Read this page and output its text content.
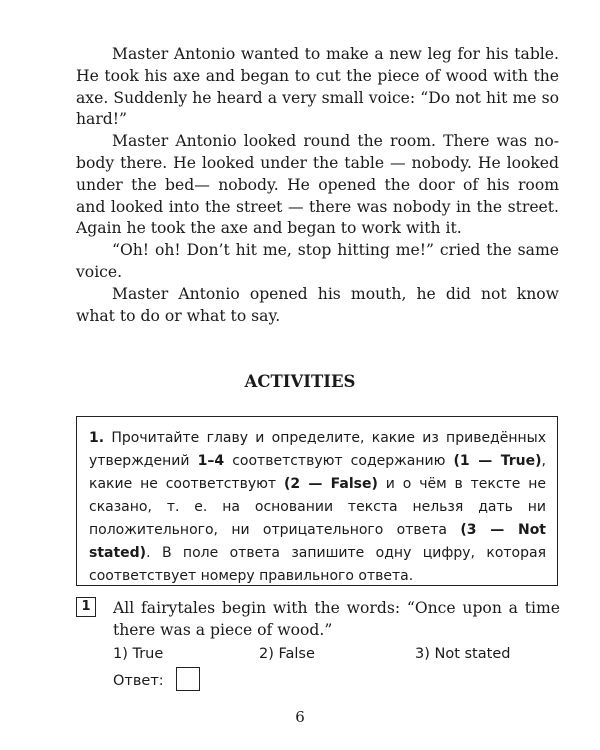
Master Antonio wanted to make a new leg for his table. He took his axe and began to cut the piece of wood with the axe. Suddenly he heard a very small voice: “Do not hit me so hard!”

Master Antonio looked round the room. There was nobody there. He looked under the table — nobody. He looked under the bed— nobody. He opened the door of his room and looked into the street — there was nobody in the street. Again he took the axe and began to work with it.

“Oh! oh! Don’t hit me, stop hitting me!” cried the same voice.

Master Antonio opened his mouth, he did not know what to do or what to say.

ACTIVITIES
1. Прочитайте главу и определите, какие из приведённых утверждений 1–4 соответствуют содержанию (1 — True), какие не соответствуют (2 — False) и о чём в тексте не сказано, т. е. на основании текста нельзя дать ни положительного, ни отрицательного ответа (3 — Not stated). В поле ответа запишите одну цифру, которая соответствует номеру правильного ответа.
1	All fairytales begin with the words: “Once upon a time there was a piece of wood.”
1) True	2) False	3) Not stated
Ответ:
6
